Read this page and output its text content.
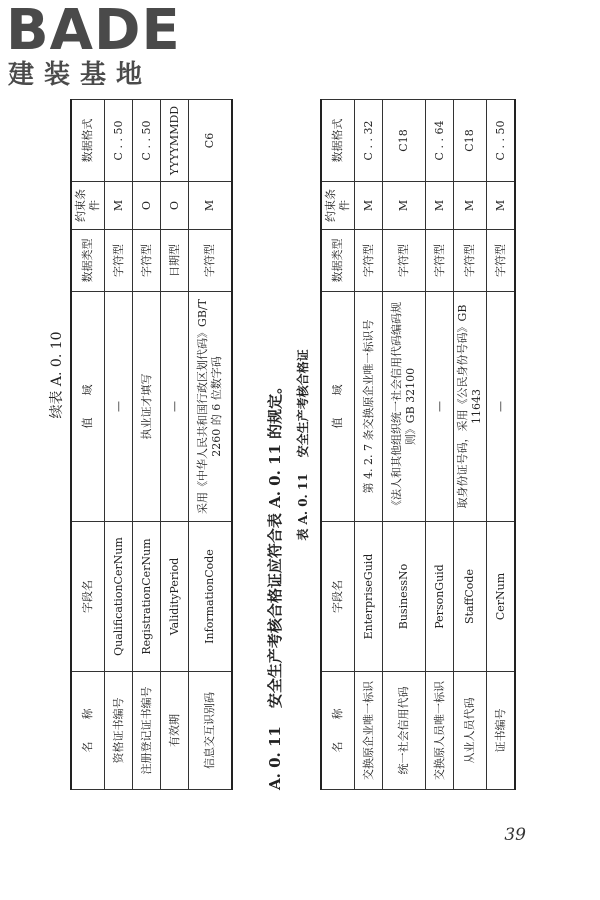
BADE
建装基地
续表 A. 0. 10
名　　称	字段名	值　　域	数据类型	约束条件	数据格式
资格证书编号	QualificationCerNum	—	字符型	M	C . . 50
注册登记证书编号	RegistrationCerNum	执业证才填写	字符型	O	C . . 50
有效期	ValidityPeriod	—	日期型	O	YYYYMMDD
信息交互识别码	InformationCode	采用《中华人民共和国行政区划代码》GB/T 2260 的 6 位数字码	字符型	M	C6
A. 0. 11安全生产考核合格证应符合表 A. 0. 11 的规定。 表 A. 0. 11安全生产考核合格证
名　　称	字段名	值　　域	数据类型	约束条件	数据格式
交换原企业唯一标识	EnterpriseGuid	第 4. 2. 7 条交换原企业唯一标识号	字符型	M	C . . 32
统一社会信用代码	BusinessNo	《法人和其他组织统一社会信用代码编码规则》GB 32100	字符型	M	C18
交换原人员唯一标识	PersonGuid	—	字符型	M	C . . 64
从业人员代码	StaffCode	取身份证号码，采用《公民身份号码》GB 11643	字符型	M	C18
证书编号	CerNum	—	字符型	M	C . . 50
39
